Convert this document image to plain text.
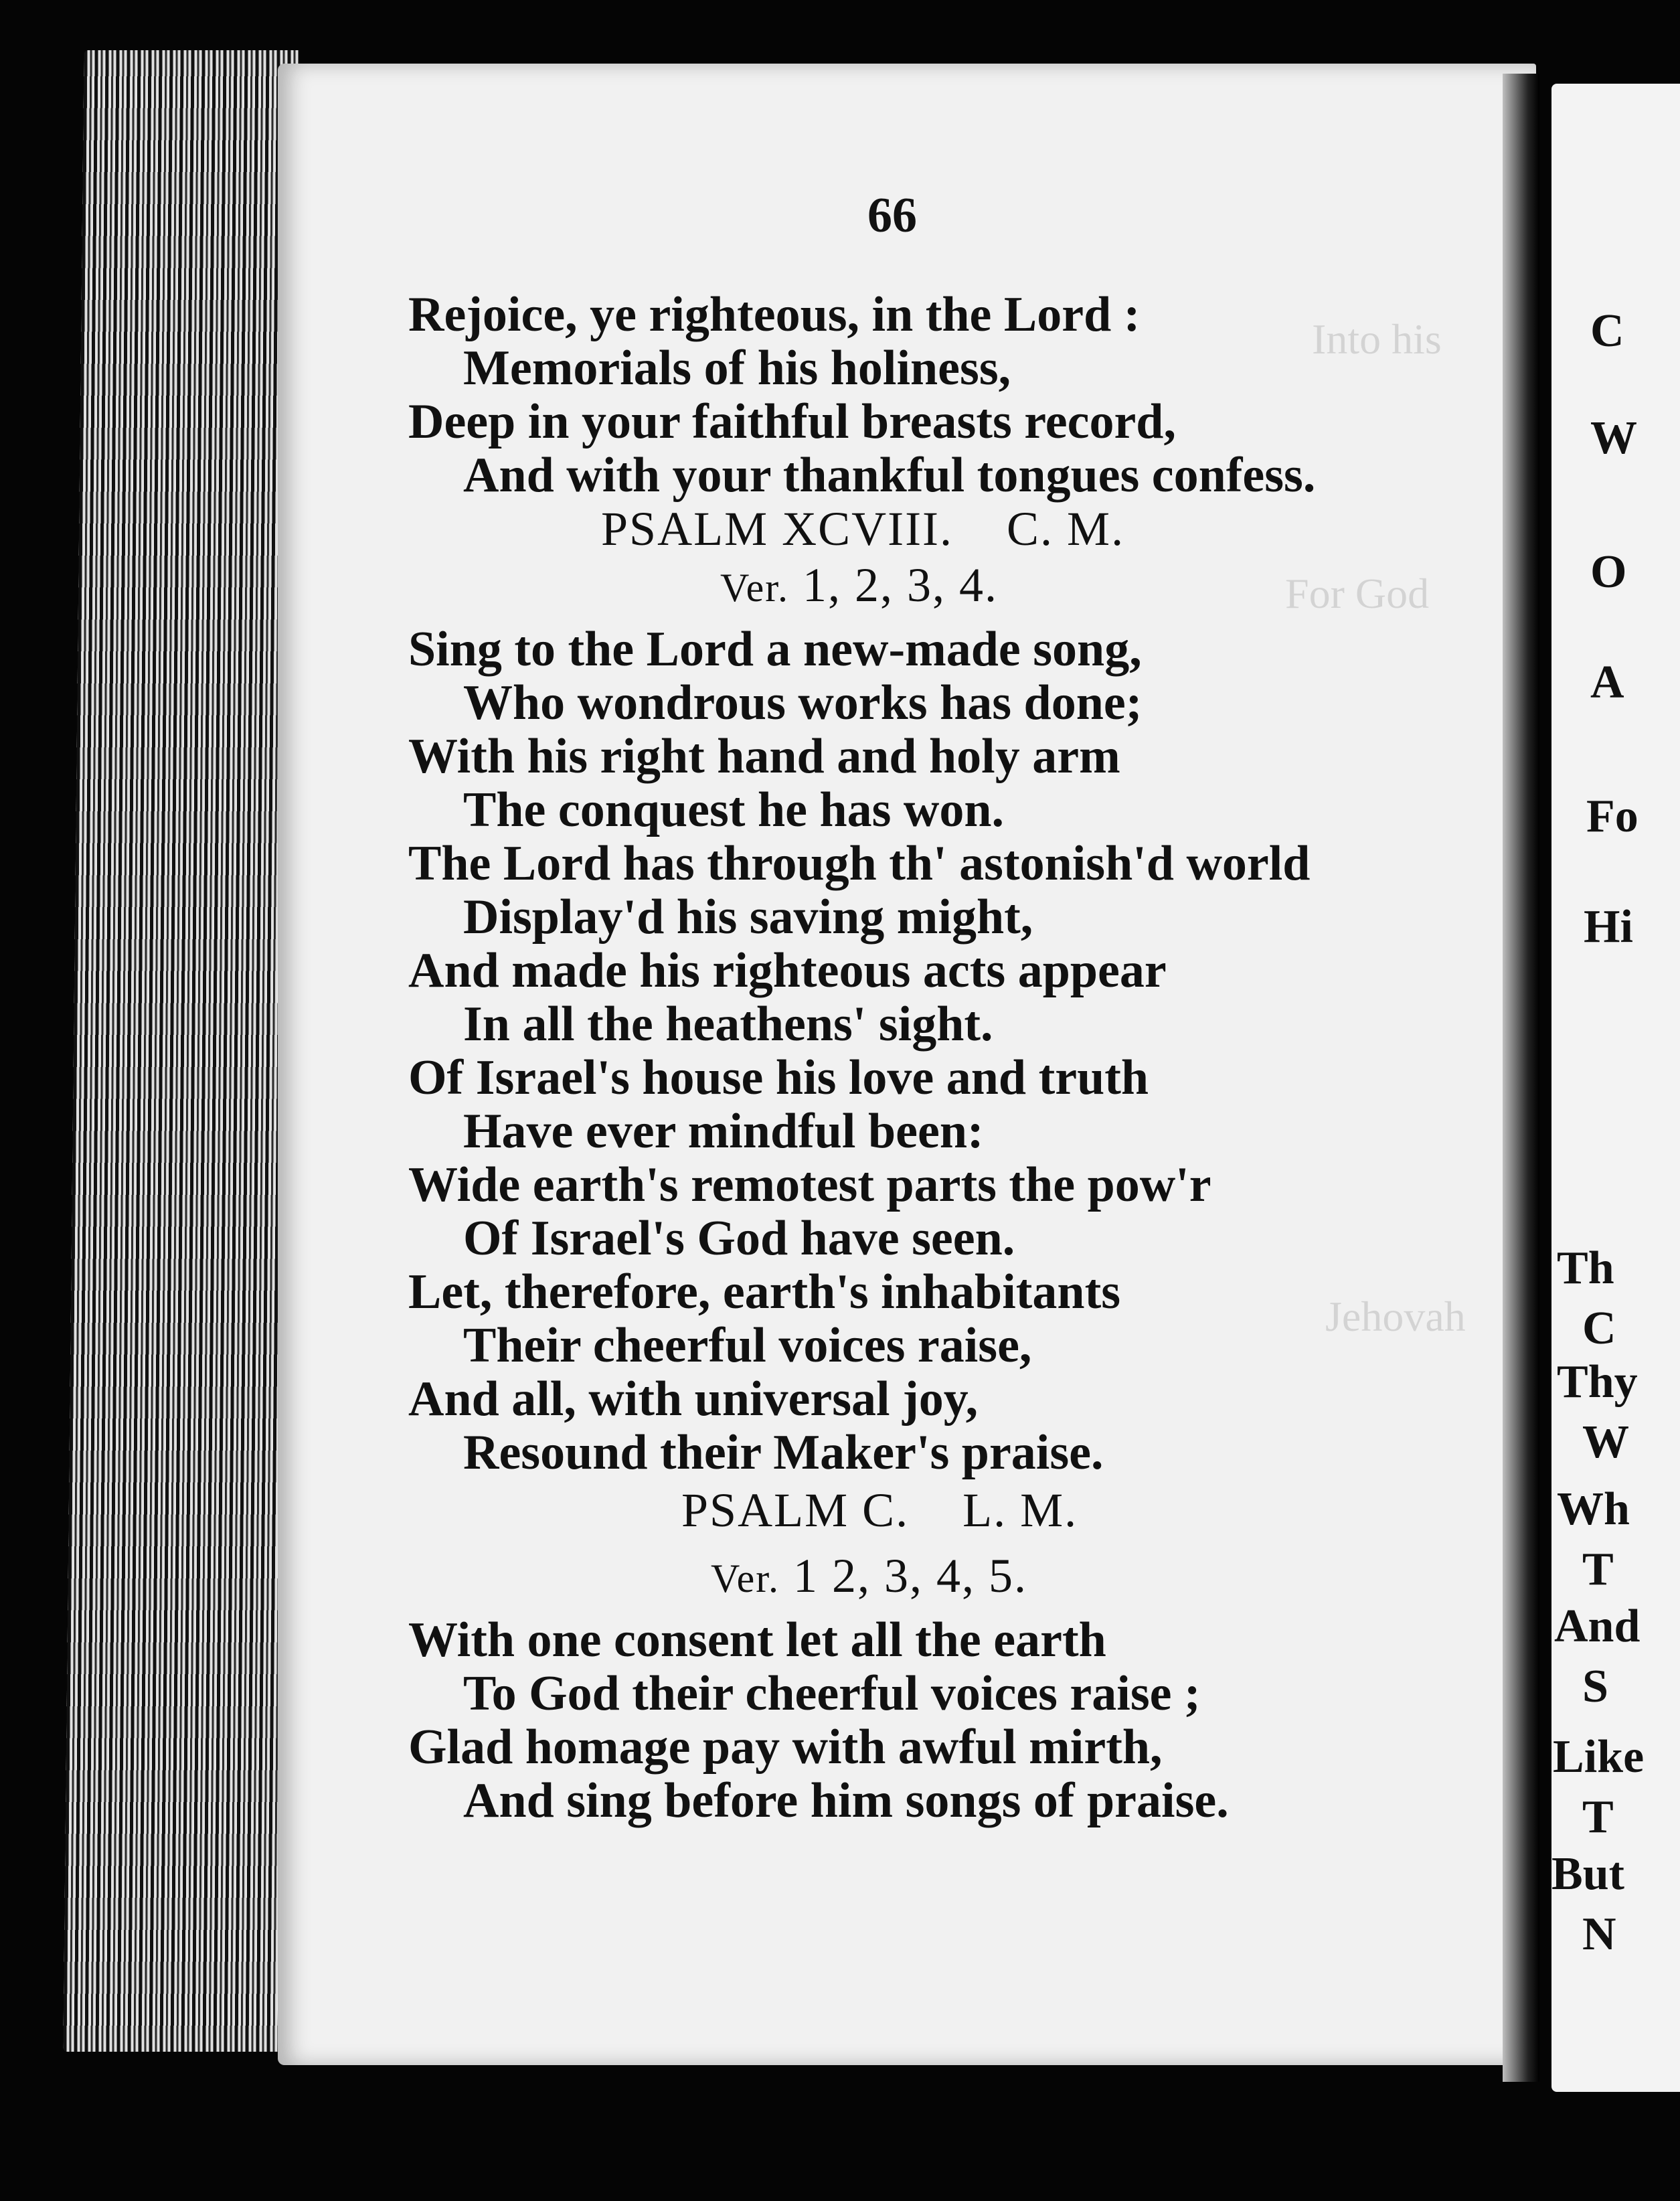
C
W
O
A
Fo
Hi
Th
C
Thy
W
Wh
T
And
S
Like
T
But
N
Into his
For God
Jehovah
66
Rejoice, ye righteous, in the Lord :
Memorials of his holiness,
Deep in your faithful breasts record,
And with your thankful tongues confess.
PSALM XCVIII. C. M.
Ver. 1, 2, 3, 4.
Sing to the Lord a new-made song,
Who wondrous works has done;
With his right hand and holy arm
The conquest he has won.
The Lord has through th' astonish'd world
Display'd his saving might,
And made his righteous acts appear
In all the heathens' sight.
Of Israel's house his love and truth
Have ever mindful been:
Wide earth's remotest parts the pow'r
Of Israel's God have seen.
Let, therefore, earth's inhabitants
Their cheerful voices raise,
And all, with universal joy,
Resound their Maker's praise.
PSALM C. L. M.
Ver. 1 2, 3, 4, 5.
With one consent let all the earth
To God their cheerful voices raise ;
Glad homage pay with awful mirth,
And sing before him songs of praise.
